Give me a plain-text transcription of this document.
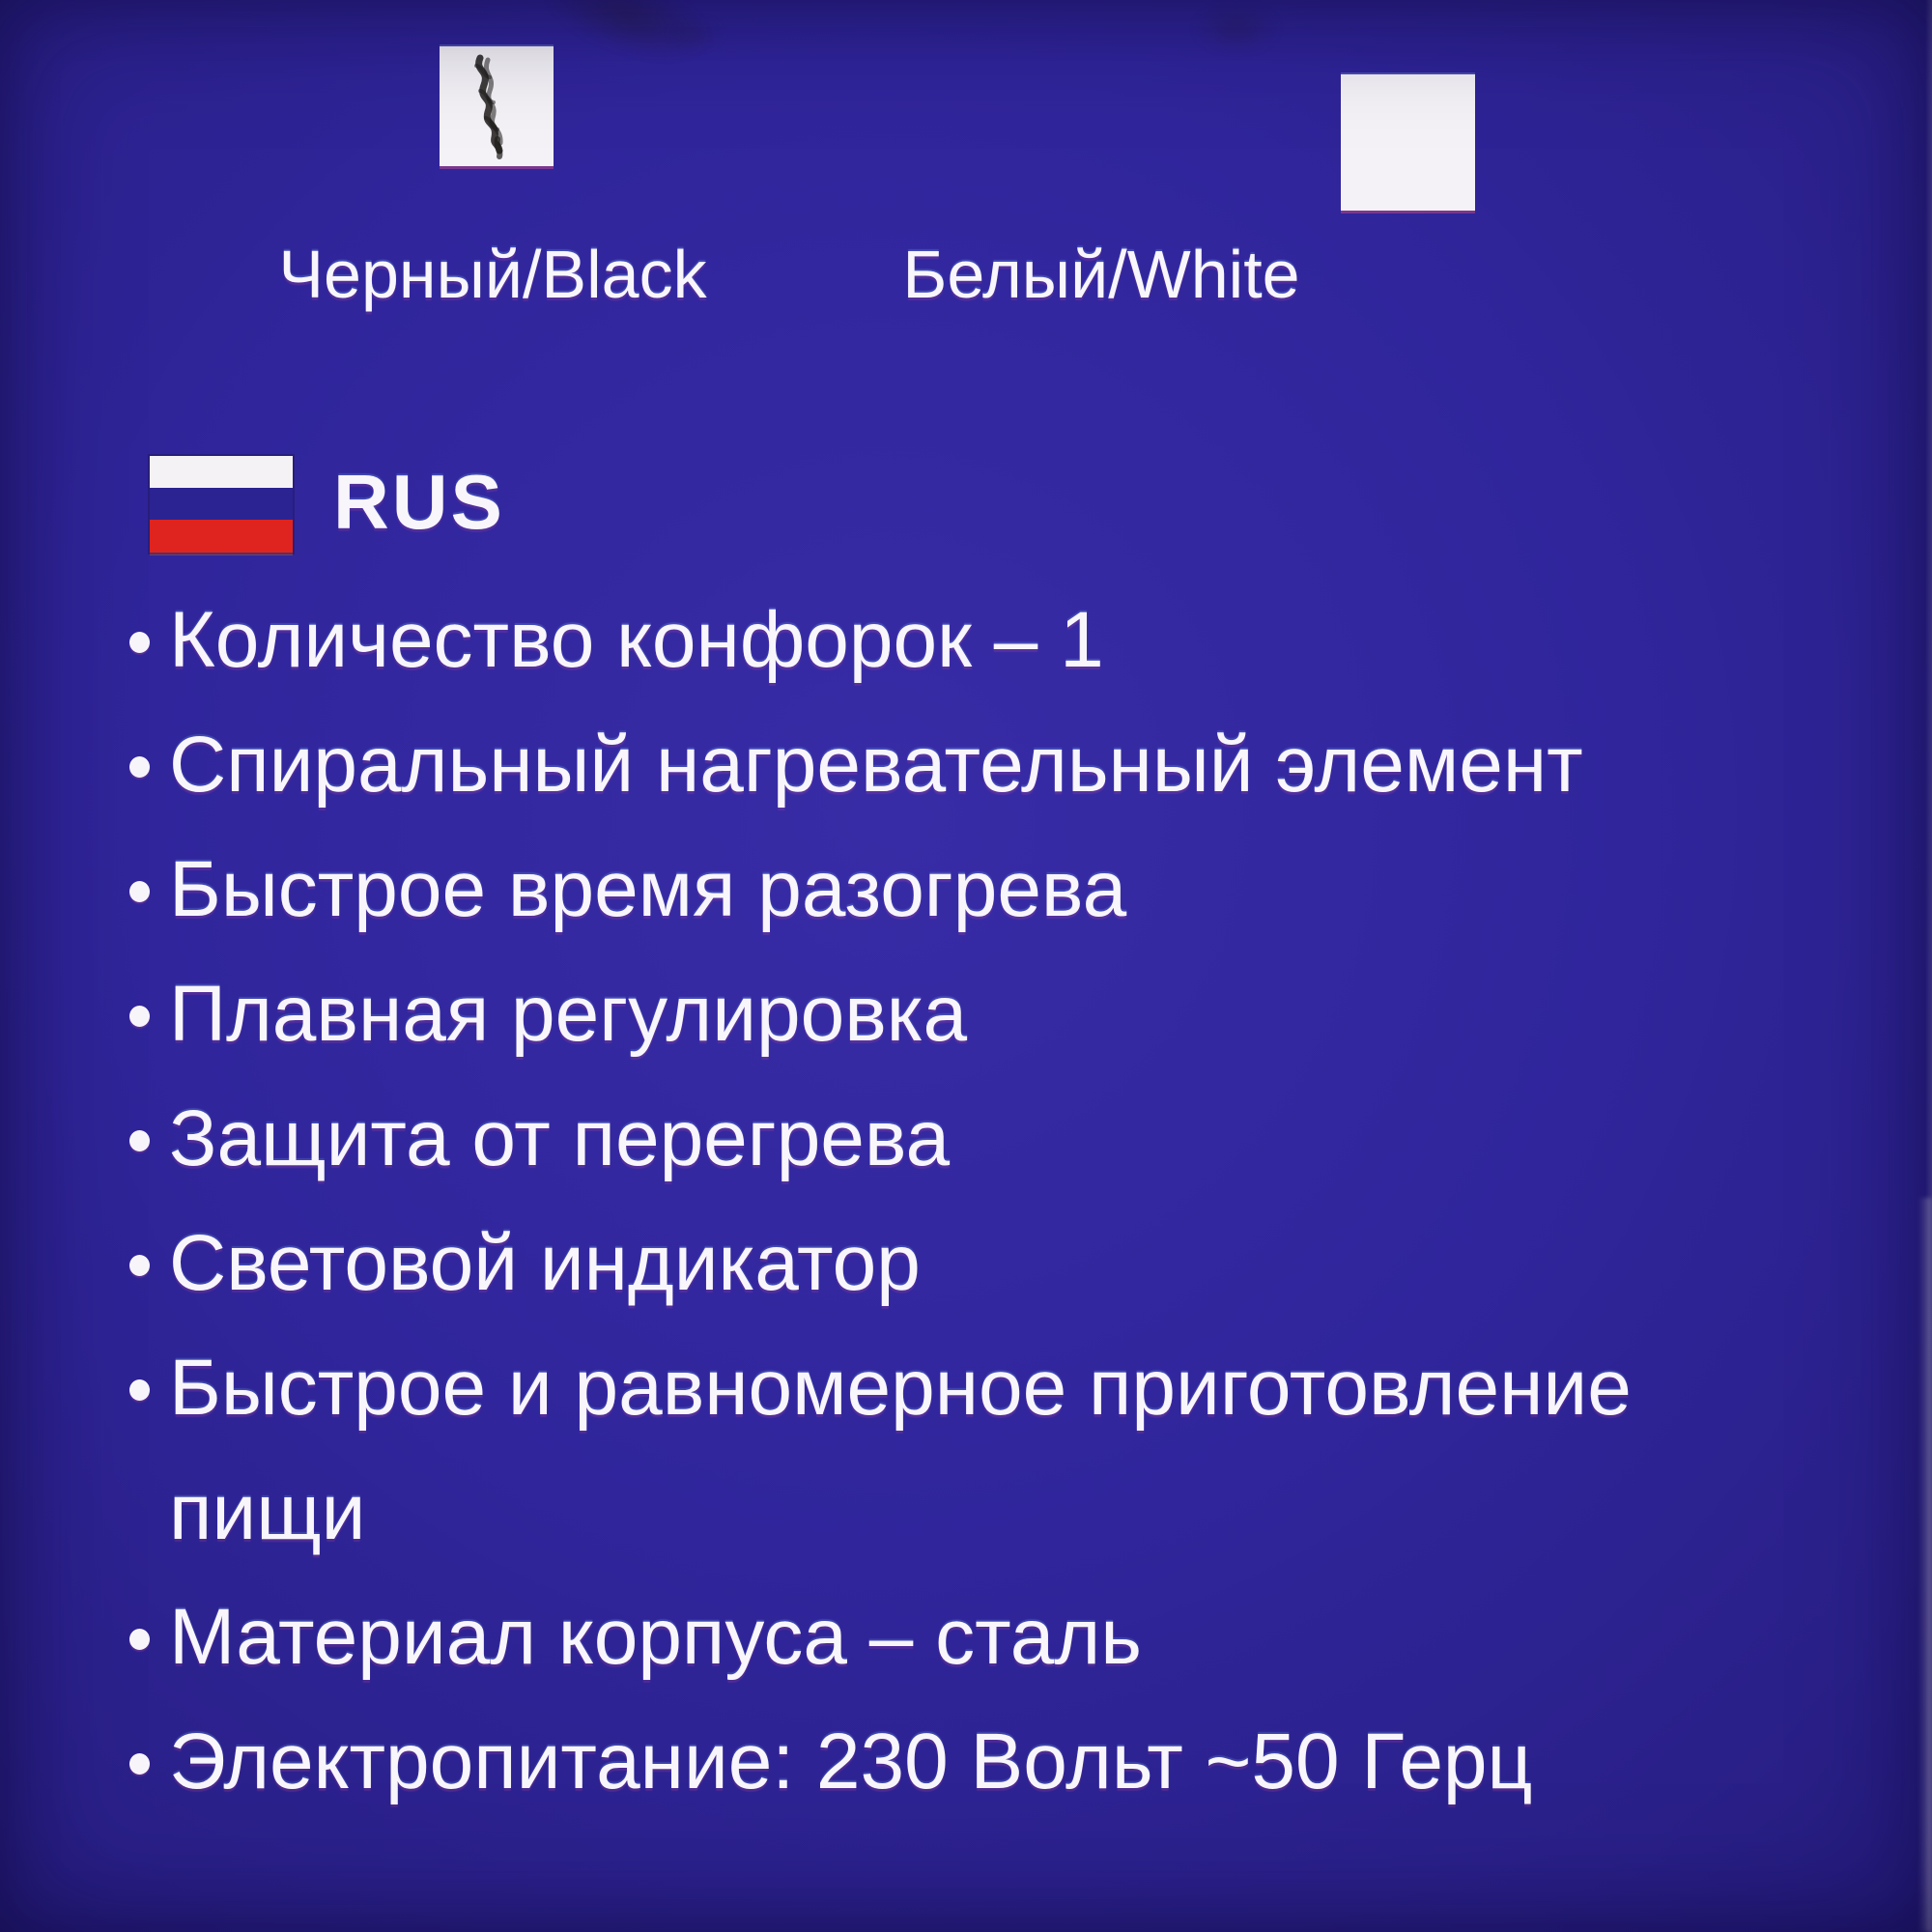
Черный/Black	Белый/White
RUS
Количество конфорок – 1
Спиральный нагревательный элемент
Быстрое время разогрева
Плавная регулировка
Защита от перегрева
Световой индикатор
Быстрое и равномерное приготовление пищи
Материал корпуса – сталь
Электропитание: 230 Вольт ~50 Герц
